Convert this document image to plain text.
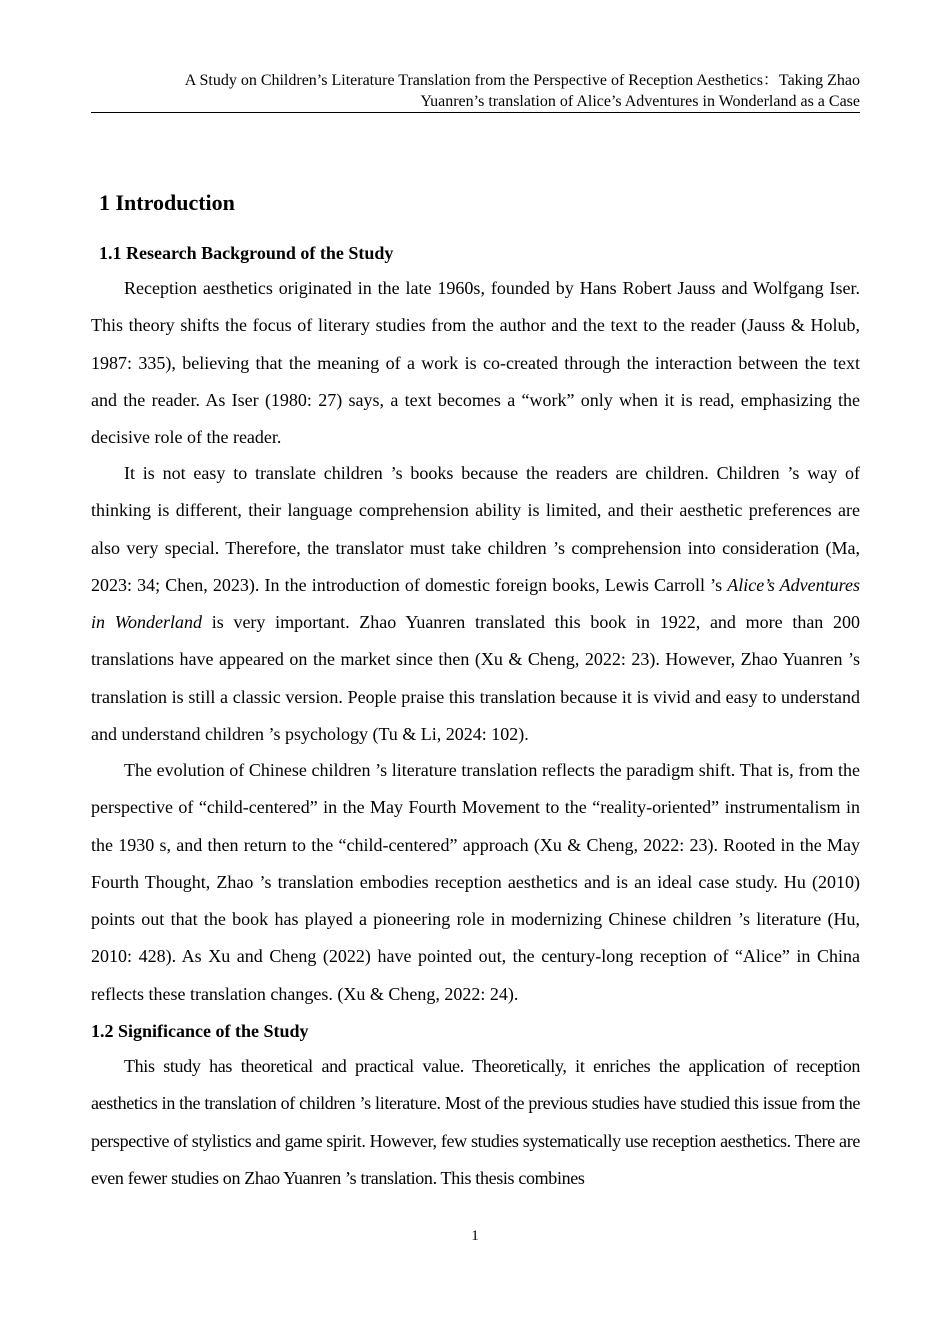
A Study on Children’s Literature Translation from the Perspective of Reception Aesthetics：Taking Zhao
Yuanren’s translation of Alice’s Adventures in Wonderland as a Case
1 Introduction
1.1 Research Background of the Study

Reception aesthetics originated in the late 1960s, founded by Hans Robert Jauss and Wolfgang Iser. This theory shifts the focus of literary studies from the author and the text to the reader (Jauss & Holub, 1987: 335), believing that the meaning of a work is co-created through the interaction between the text and the reader. As Iser (1980: 27) says, a text becomes a “work” only when it is read, emphasizing the decisive role of the reader.

It is not easy to translate children ’s books because the readers are children. Children ’s way of thinking is different, their language comprehension ability is limited, and their aesthetic preferences are also very special. Therefore, the translator must take children ’s comprehension into consideration (Ma, 2023: 34; Chen, 2023). In the introduction of domestic foreign books, Lewis Carroll ’s Alice’s Adventures in Wonderland is very important. Zhao Yuanren translated this book in 1922, and more than 200 translations have appeared on the market since then (Xu & Cheng, 2022: 23). However, Zhao Yuanren ’s translation is still a classic version. People praise this translation because it is vivid and easy to understand and understand children ’s psychology (Tu & Li, 2024: 102).

The evolution of Chinese children ’s literature translation reflects the paradigm shift. That is, from the perspective of “child-centered” in the May Fourth Movement to the “reality-oriented” instrumentalism in the 1930 s, and then return to the “child-centered” approach (Xu & Cheng, 2022: 23). Rooted in the May Fourth Thought, Zhao ’s translation embodies reception aesthetics and is an ideal case study. Hu (2010) points out that the book has played a pioneering role in modernizing Chinese children ’s literature (Hu, 2010: 428). As Xu and Cheng (2022) have pointed out, the century-long reception of “Alice” in China reflects these translation changes. (Xu & Cheng, 2022: 24).

1.2 Significance of the Study

This study has theoretical and practical value. Theoretically, it enriches the application of reception aesthetics in the translation of children ’s literature. Most of the previous studies have studied this issue from the perspective of stylistics and game spirit. However, few studies systematically use reception aesthetics. There are even fewer studies on Zhao Yuanren ’s translation. This thesis combines

1
